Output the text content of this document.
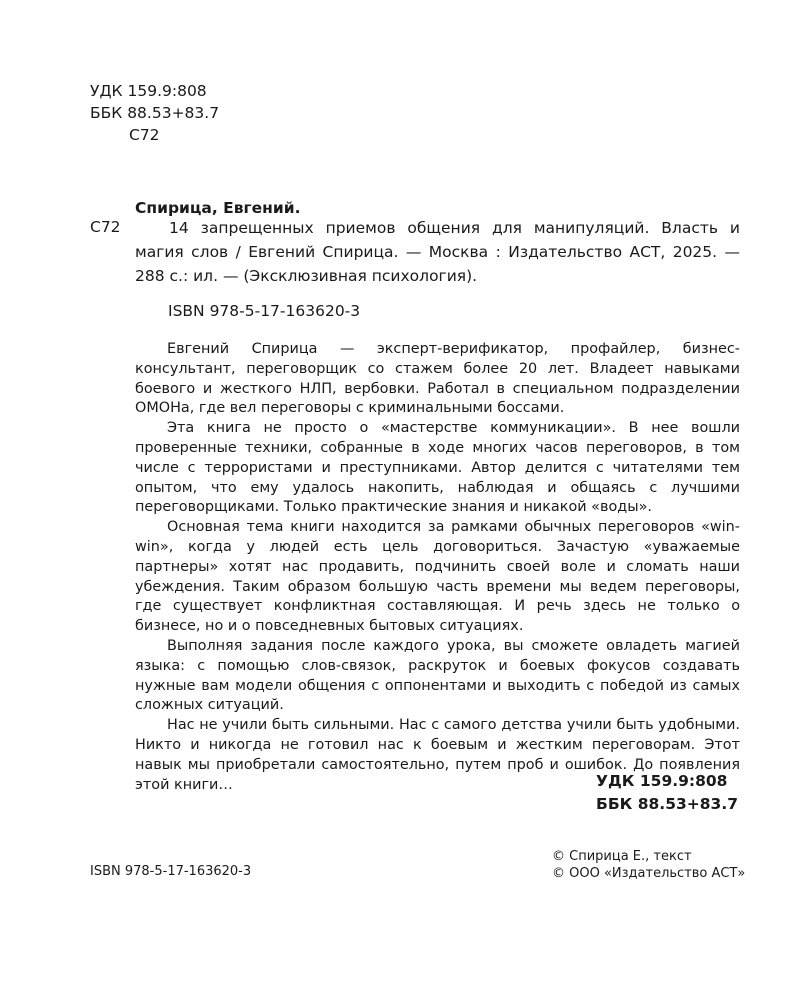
УДК 159.9:808
ББК 88.53+83.7
С72
Спирица, Евгений.
С72	14 запрещенных приемов общения для манипуляций. Власть и магия слов / Евгений Спирица. — Москва : Издательство АСТ, 2025. — 288 с.: ил. — (Эксклюзивная психология).

ISBN 978-5-17-163620-3

Евгений Спирица — эксперт-верификатор, профайлер, бизнес-консультант, переговорщик со стажем более 20 лет. Владеет навыками боевого и жесткого НЛП, вербовки. Работал в специальном подразделении ОМОНа, где вел переговоры с криминальными боссами.

Эта книга не просто о «мастерстве коммуникации». В нее вошли проверенные техники, собранные в ходе многих часов переговоров, в том числе с террористами и преступниками. Автор делится с читателями тем опытом, что ему удалось накопить, наблюдая и общаясь с лучшими переговорщиками. Только практические знания и никакой «воды».

Основная тема книги находится за рамками обычных переговоров «win-win», когда у людей есть цель договориться. Зачастую «уважаемые партнеры» хотят нас продавить, подчинить своей воле и сломать наши убеждения. Таким образом большую часть времени мы ведем переговоры, где существует конфликтная составляющая. И речь здесь не только о бизнесе, но и о повседневных бытовых ситуациях.

Выполняя задания после каждого урока, вы сможете овладеть магией языка: с помощью слов-связок, раскруток и боевых фокусов создавать нужные вам модели общения с оппонентами и выходить с победой из самых сложных ситуаций.

Нас не учили быть сильными. Нас с самого детства учили быть удобными. Никто и никогда не готовил нас к боевым и жестким переговорам. Этот навык мы приобретали самостоятельно, путем проб и ошибок. До появления этой книги…	УДК 159.9:808
ББК 88.53+83.7
ISBN 978-5-17-163620-3
© Спирица Е., текст
© ООО «Издательство АСТ»
